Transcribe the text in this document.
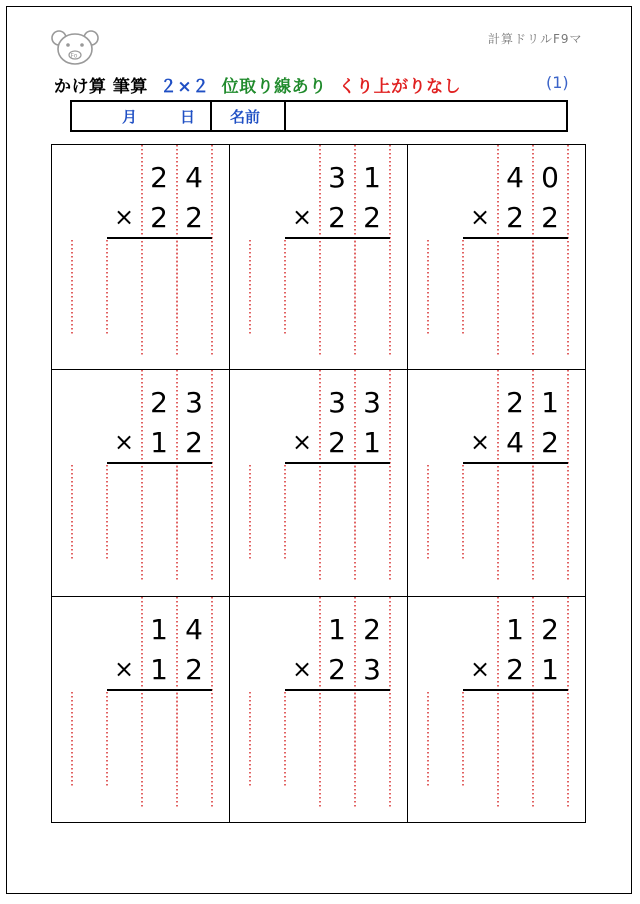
Fo
計算ドリルF9マ
かけ算 筆算 ２×２ 位取り線あり くり上がりなし	(1)
月	日 名前
2 4
2 2
×
3 1
2 2
×
4 0
2 2
×
2 3
1 2
×
3 3
2 1
×
2 1
4 2
×
1 4
1 2
×
1 2
2 3
×
1 2
2 1
×
